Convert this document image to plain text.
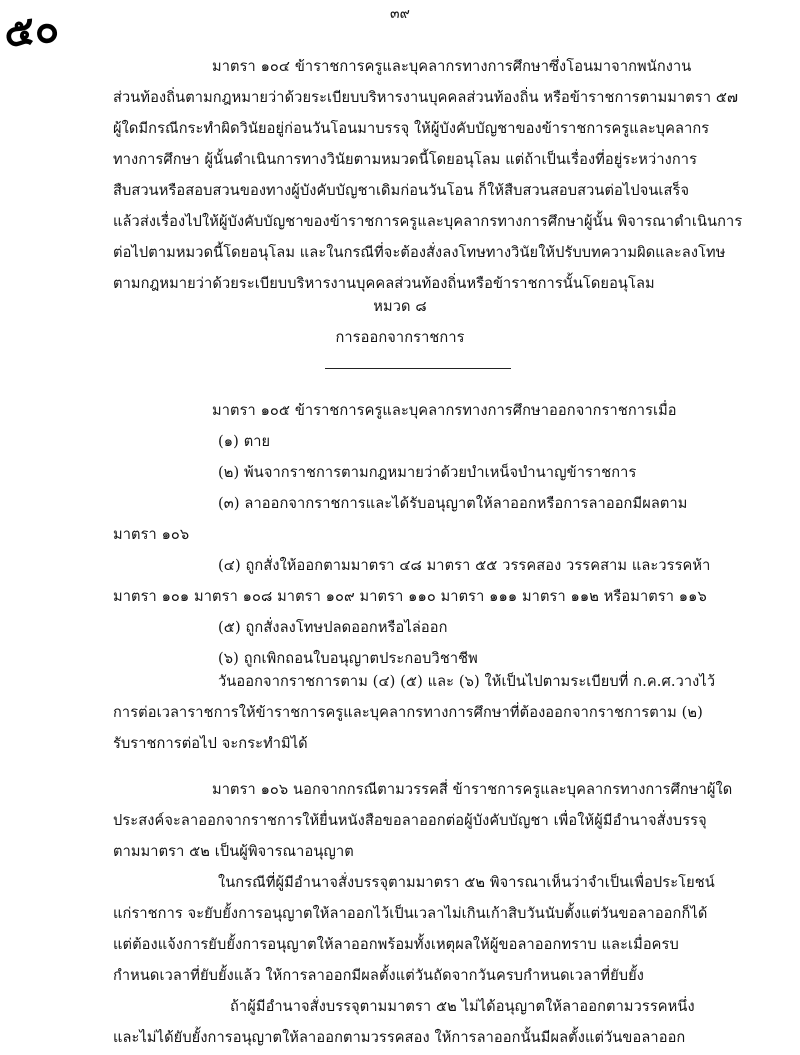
๕๐	๓๙
มาตรา ๑๐๔ ข้าราชการครูและบุคลากรทางการศึกษาซึ่งโอนมาจากพนักงาน
ส่วนท้องถิ่นตามกฎหมายว่าด้วยระเบียบบริหารงานบุคคลส่วนท้องถิ่น หรือข้าราชการตามมาตรา ๕๗
ผู้ใดมีกรณีกระทำผิดวินัยอยู่ก่อนวันโอนมาบรรจุ ให้ผู้บังคับบัญชาของข้าราชการครูและบุคลากร
ทางการศึกษา ผู้นั้นดำเนินการทางวินัยตามหมวดนี้โดยอนุโลม แต่ถ้าเป็นเรื่องที่อยู่ระหว่างการ
สืบสวนหรือสอบสวนของทางผู้บังคับบัญชาเดิมก่อนวันโอน ก็ให้สืบสวนสอบสวนต่อไปจนเสร็จ
แล้วส่งเรื่องไปให้ผู้บังคับบัญชาของข้าราชการครูและบุคลากรทางการศึกษาผู้นั้น พิจารณาดำเนินการ
ต่อไปตามหมวดนี้โดยอนุโลม และในกรณีที่จะต้องสั่งลงโทษทางวินัยให้ปรับบทความผิดและลงโทษ
ตามกฎหมายว่าด้วยระเบียบบริหารงานบุคคลส่วนท้องถิ่นหรือข้าราชการนั้นโดยอนุโลม
หมวด ๘
การออกจากราชการ
มาตรา ๑๐๕ ข้าราชการครูและบุคลากรทางการศึกษาออกจากราชการเมื่อ
(๑) ตาย
(๒) พ้นจากราชการตามกฎหมายว่าด้วยบำเหน็จบำนาญข้าราชการ
(๓) ลาออกจากราชการและได้รับอนุญาตให้ลาออกหรือการลาออกมีผลตาม
มาตรา ๑๐๖
(๔) ถูกสั่งให้ออกตามมาตรา ๔๘ มาตรา ๕๕ วรรคสอง วรรคสาม และวรรคห้า
มาตรา ๑๐๑ มาตรา ๑๐๘ มาตรา ๑๐๙ มาตรา ๑๑๐ มาตรา ๑๑๑ มาตรา ๑๑๒ หรือมาตรา ๑๑๖
(๕) ถูกสั่งลงโทษปลดออกหรือไล่ออก
(๖) ถูกเพิกถอนใบอนุญาตประกอบวิชาชีพ
วันออกจากราชการตาม (๔) (๕) และ (๖) ให้เป็นไปตามระเบียบที่ ก.ค.ศ.วางไว้
การต่อเวลาราชการให้ข้าราชการครูและบุคลากรทางการศึกษาที่ต้องออกจากราชการตาม (๒)
รับราชการต่อไป จะกระทำมิได้
มาตรา ๑๐๖ นอกจากกรณีตามวรรคสี่ ข้าราชการครูและบุคลากรทางการศึกษาผู้ใด
ประสงค์จะลาออกจากราชการให้ยื่นหนังสือขอลาออกต่อผู้บังคับบัญชา เพื่อให้ผู้มีอำนาจสั่งบรรจุ
ตามมาตรา ๕๒ เป็นผู้พิจารณาอนุญาต
ในกรณีที่ผู้มีอำนาจสั่งบรรจุตามมาตรา ๕๒ พิจารณาเห็นว่าจำเป็นเพื่อประโยชน์
แก่ราชการ จะยับยั้งการอนุญาตให้ลาออกไว้เป็นเวลาไม่เกินเก้าสิบวันนับตั้งแต่วันขอลาออกก็ได้
แต่ต้องแจ้งการยับยั้งการอนุญาตให้ลาออกพร้อมทั้งเหตุผลให้ผู้ขอลาออกทราบ และเมื่อครบ
กำหนดเวลาที่ยับยั้งแล้ว ให้การลาออกมีผลตั้งแต่วันถัดจากวันครบกำหนดเวลาที่ยับยั้ง
ถ้าผู้มีอำนาจสั่งบรรจุตามมาตรา ๕๒ ไม่ได้อนุญาตให้ลาออกตามวรรคหนึ่ง
และไม่ได้ยับยั้งการอนุญาตให้ลาออกตามวรรคสอง ให้การลาออกนั้นมีผลตั้งแต่วันขอลาออก
